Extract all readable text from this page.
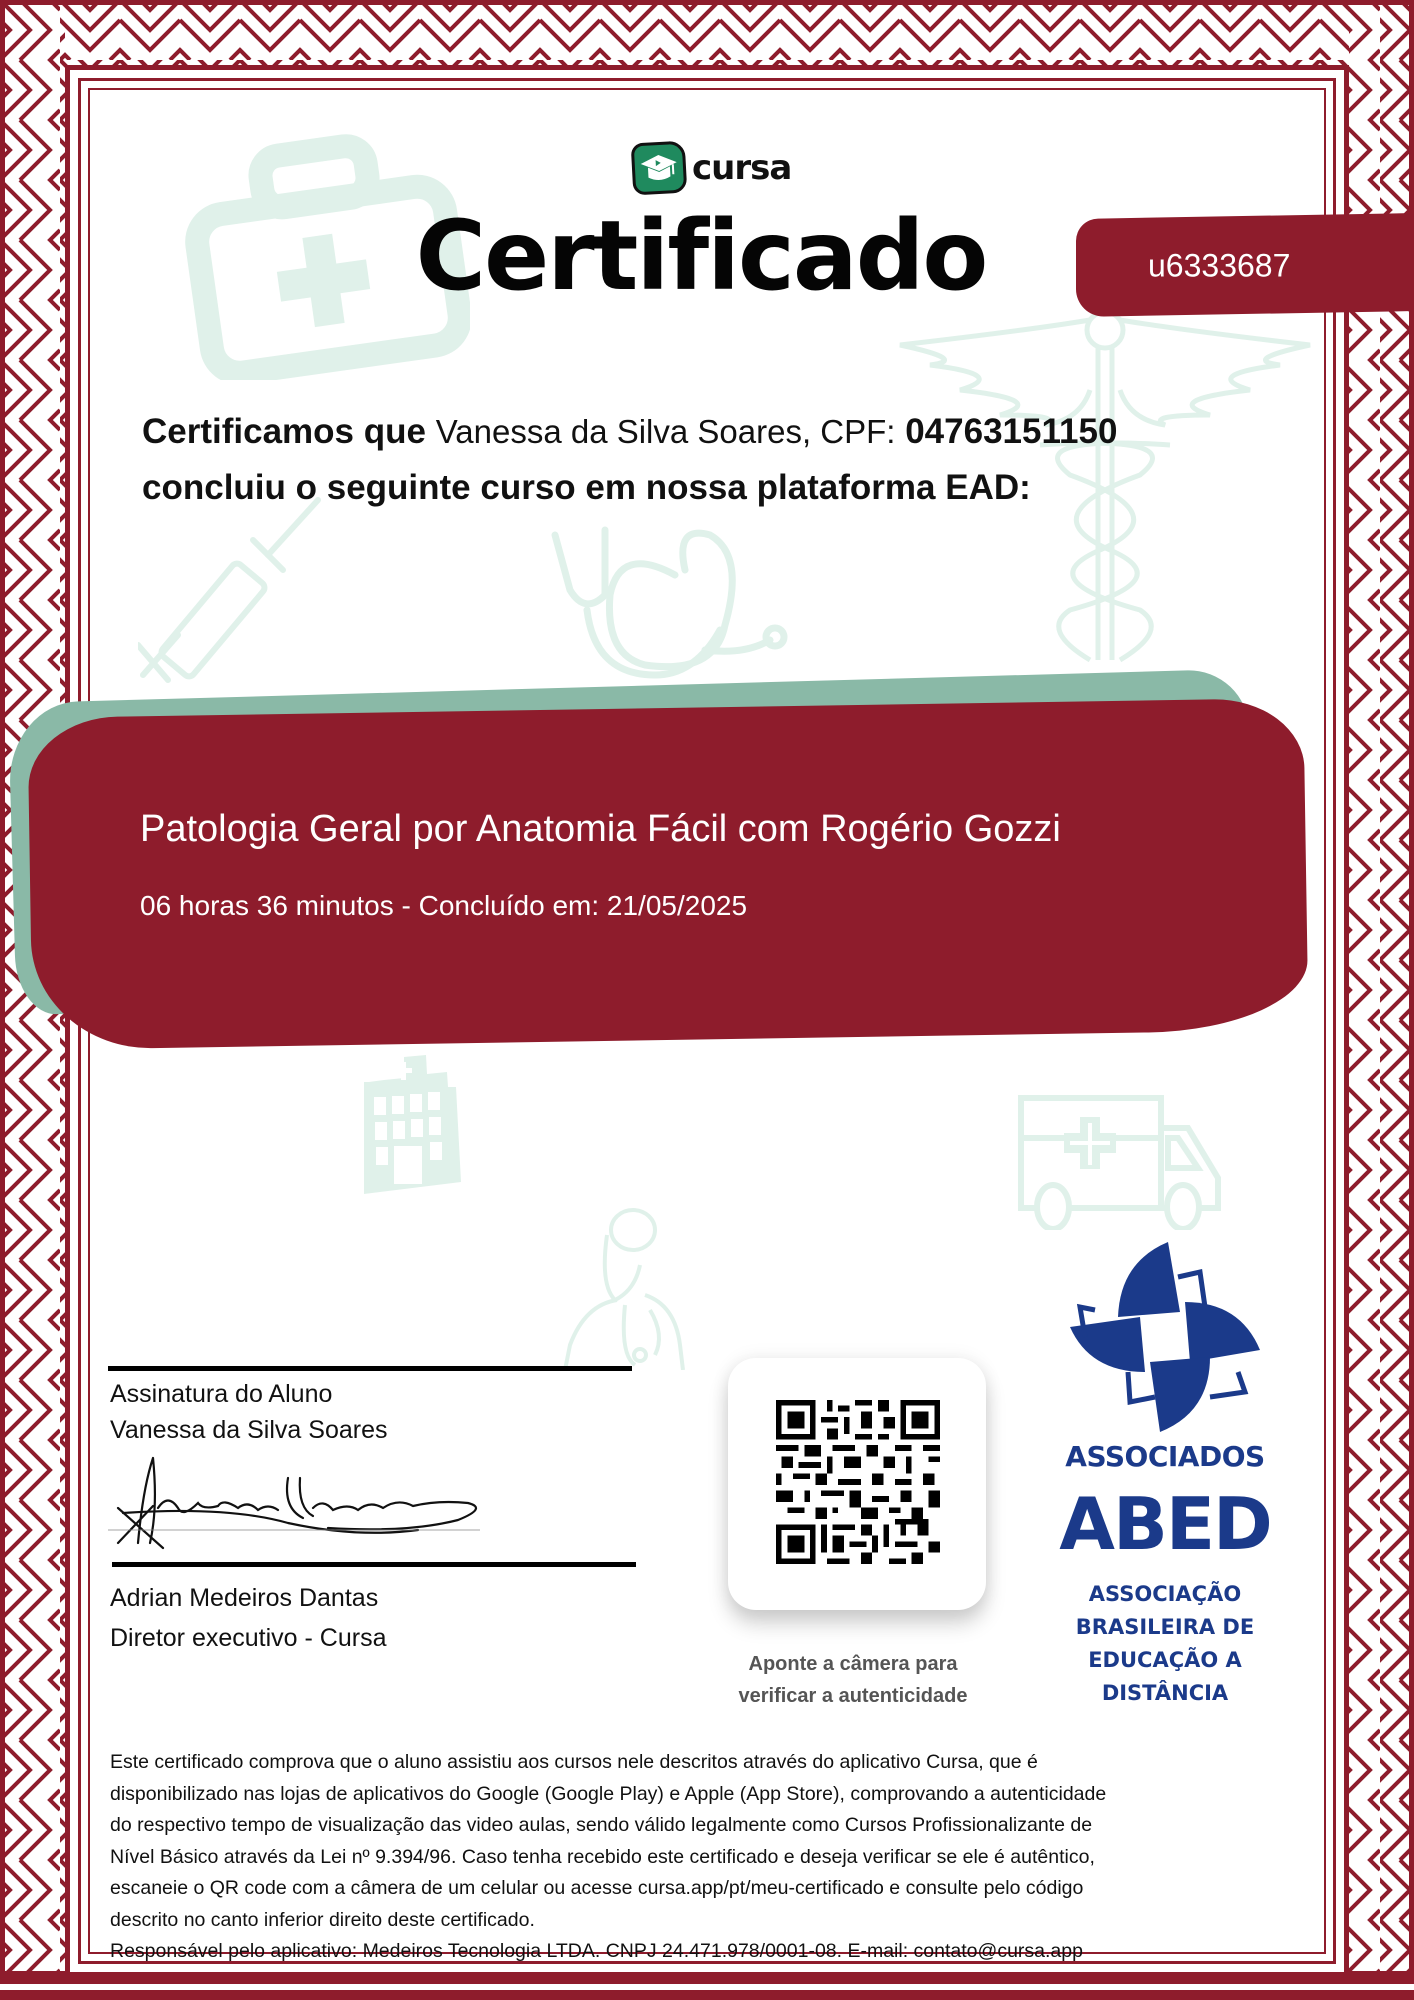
cursa
Certificado	u6333687
Certificamos que Vanessa da Silva Soares, CPF: 04763151150
concluiu o seguinte curso em nossa plataforma EAD:
Patologia Geral por Anatomia Fácil com Rogério Gozzi
06 horas 36 minutos - Concluído em: 21/05/2025
Assinatura do Aluno
Vanessa da Silva Soares
Adrian Medeiros Dantas
Diretor executivo - Cursa
Aponte a câmera para
verificar a autenticidade
ASSOCIADOS
ABED
ASSOCIAÇÃO
BRASILEIRA DE
EDUCAÇÃO A
DISTÂNCIA
Este certificado comprova que o aluno assistiu aos cursos nele descritos através do aplicativo Cursa, que é
disponibilizado nas lojas de aplicativos do Google (Google Play) e Apple (App Store), comprovando a autenticidade
do respectivo tempo de visualização das video aulas, sendo válido legalmente como Cursos Profissionalizante de
Nível Básico através da Lei nº 9.394/96. Caso tenha recebido este certificado e deseja verificar se ele é autêntico,
escaneie o QR code com a câmera de um celular ou acesse cursa.app/pt/meu-certificado e consulte pelo código
descrito no canto inferior direito deste certificado.
Responsável pelo aplicativo: Medeiros Tecnologia LTDA. CNPJ 24.471.978/0001-08. E-mail: contato@cursa.app
